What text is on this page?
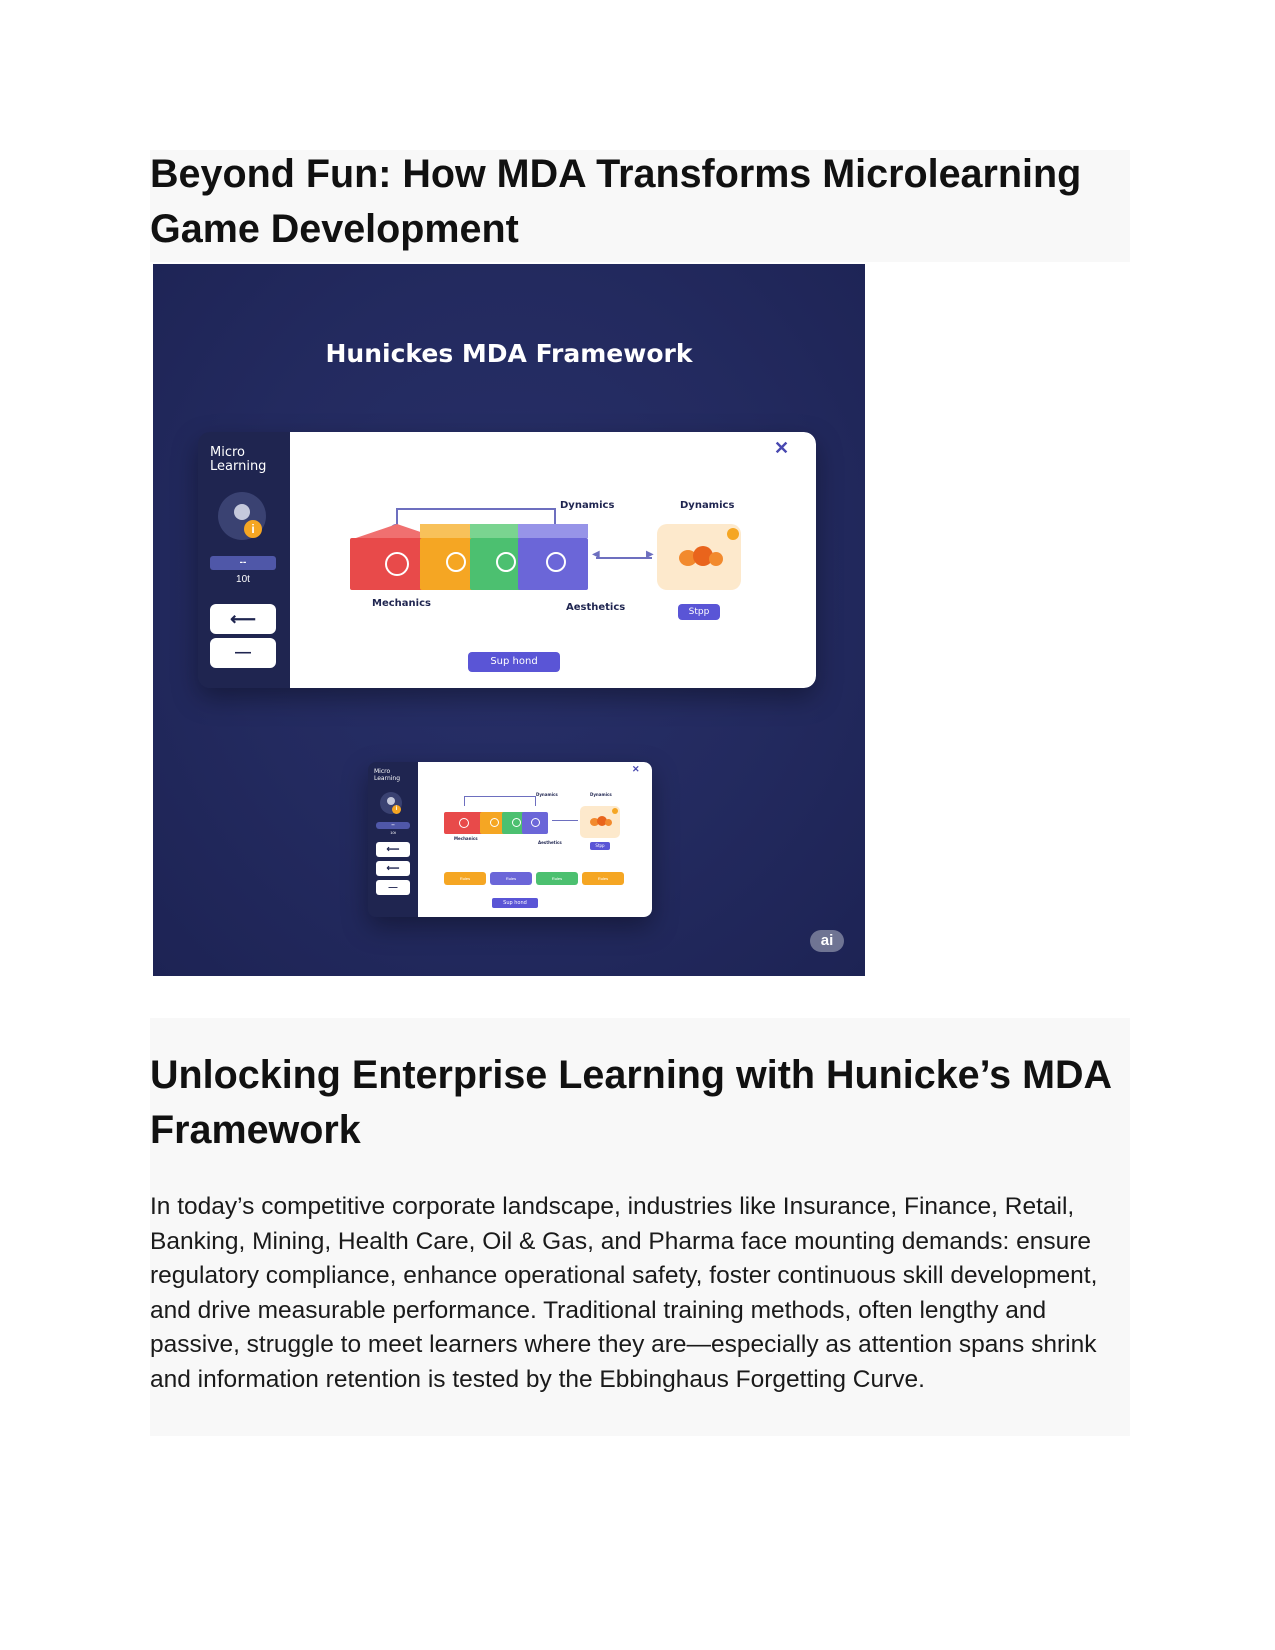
Beyond Fun: How MDA Transforms Microlearning Game Development
Hunickes MDA Framework
Micro
Learning
i
--
10t
⟵
—
✕
Dynamics
Mechanics	Aesthetics
◀	▶
Dynamics
Stpp
Sup hond
Micro
Learning
i
--
10t
⟵
⟵
—
✕
Dynamics
Mechanics
Aesthetics
Dynamics
Stpp
Rules	Rules	Rules	Rules
Sup hond
ai
Unlocking Enterprise Learning with Hunicke’s MDA Framework

In today’s competitive corporate landscape, industries like Insurance, Finance, Retail, Banking, Mining, Health Care, Oil & Gas, and Pharma face mounting demands: ensure regulatory compliance, enhance operational safety, foster continuous skill development, and drive measurable performance. Traditional training methods, often lengthy and passive, struggle to meet learners where they are—especially as attention spans shrink and information retention is tested by the Ebbinghaus Forgetting Curve.
